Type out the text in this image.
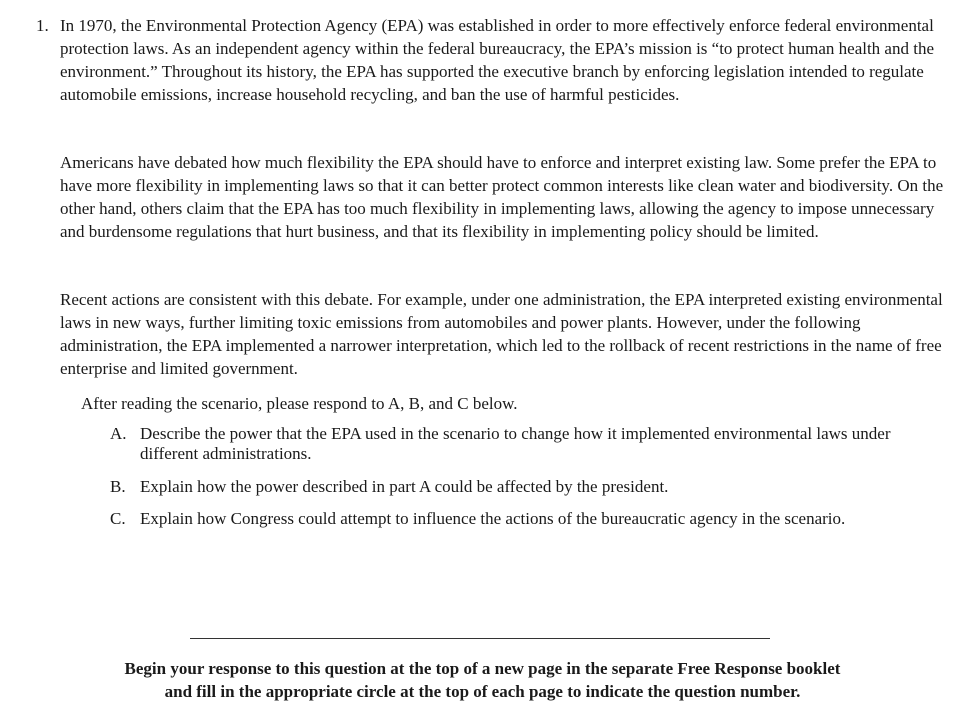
1. In 1970, the Environmental Protection Agency (EPA) was established in order to more effectively enforce federal environmental protection laws. As an independent agency within the federal bureaucracy, the EPA’s mission is “to protect human health and the environment.” Throughout its history, the EPA has supported the executive branch by enforcing legislation intended to regulate automobile emissions, increase household recycling, and ban the use of harmful pesticides.

Americans have debated how much flexibility the EPA should have to enforce and interpret existing law. Some prefer the EPA to have more flexibility in implementing laws so that it can better protect common interests like clean water and biodiversity. On the other hand, others claim that the EPA has too much flexibility in implementing laws, allowing the agency to impose unnecessary and burdensome regulations that hurt business, and that its flexibility in implementing policy should be limited.

Recent actions are consistent with this debate. For example, under one administration, the EPA interpreted existing environmental laws in new ways, further limiting toxic emissions from automobiles and power plants. However, under the following administration, the EPA implemented a narrower interpretation, which led to the rollback of recent restrictions in the name of free enterprise and limited government.

After reading the scenario, please respond to A, B, and C below.

A. Describe the power that the EPA used in the scenario to change how it implemented environmental laws under different administrations.
B. Explain how the power described in part A could be affected by the president.
C. Explain how Congress could attempt to influence the actions of the bureaucratic agency in the scenario.
Begin your response to this question at the top of a new page in the separate Free Response booklet
and fill in the appropriate circle at the top of each page to indicate the question number.
